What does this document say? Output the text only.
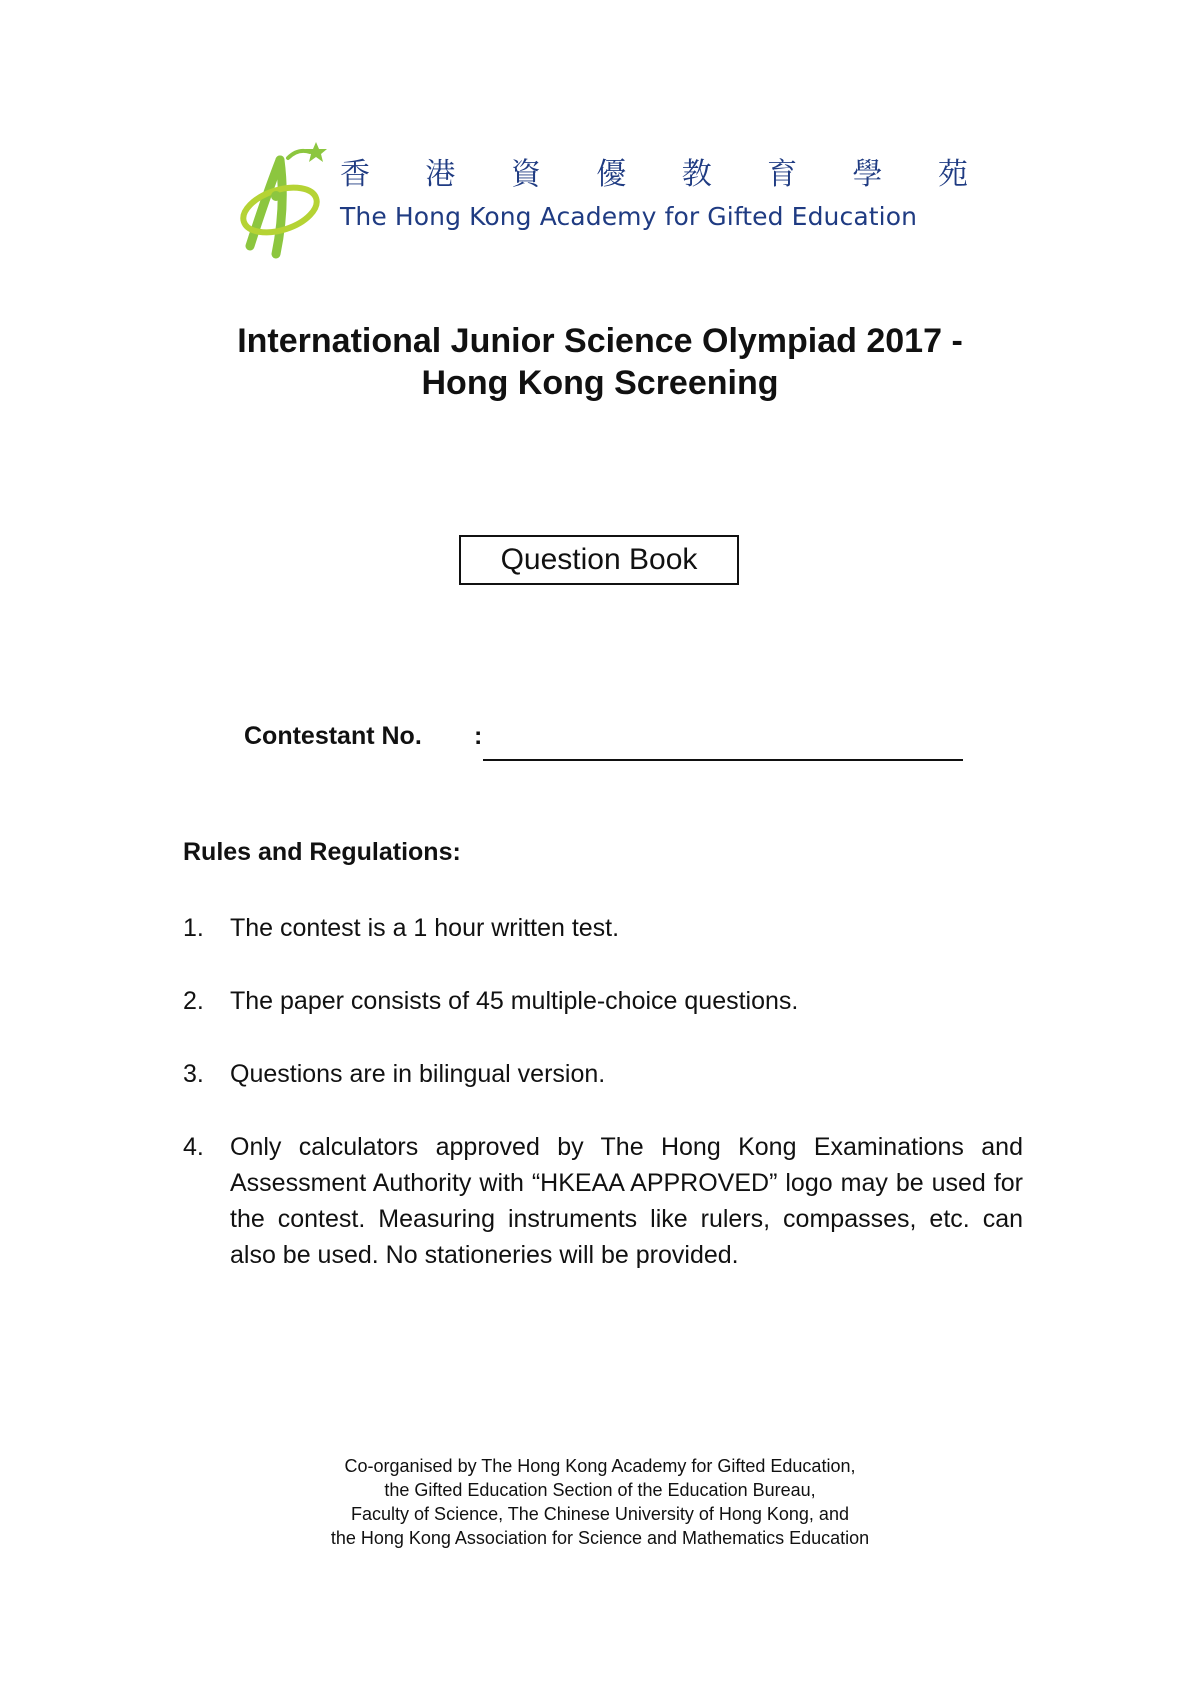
香 港 資 優 教 育 學 苑
The Hong Kong Academy for Gifted Education
International Junior Science Olympiad 2017 -
Hong Kong Screening
Question Book
Contestant No. :
Rules and Regulations:
1. The contest is a 1 hour written test.
2. The paper consists of 45 multiple-choice questions.
3. Questions are in bilingual version.
4. Only calculators approved by The Hong Kong Examinations and Assessment Authority with “HKEAA APPROVED” logo may be used for the contest. Measuring instruments like rulers, compasses, etc. can also be used. No stationeries will be provided.
Co-organised by The Hong Kong Academy for Gifted Education,
the Gifted Education Section of the Education Bureau,
Faculty of Science, The Chinese University of Hong Kong, and
the Hong Kong Association for Science and Mathematics Education
